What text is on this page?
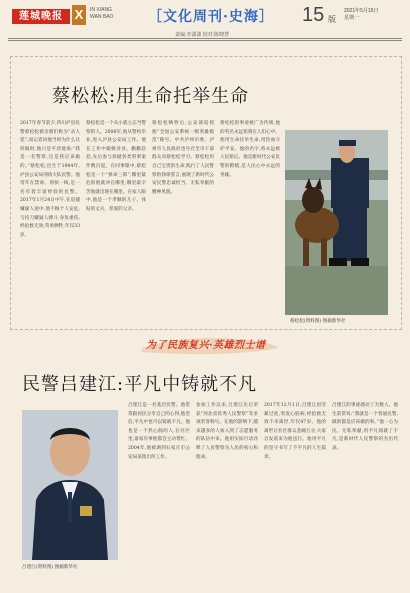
莲城晚报 X	IN XIANG
WAN BAO ［文化周刊·史海］ 15 版
2021年5月15日
星期一
责编:李潇潇 校对:陈晓慧
蔡松松:用生命托举生命
2017年春节前夕,四川泸县民警蔡松松被亲朋们称为“杀人犯”,而记者问他当时为什么这样做时,他只是平淡地说:“我是一名警察,这是我应该做的。”蔡松松,出生于1984年,泸县公安局刑侦大队民警。他常年在禁毒、刑侦一线,是一名有着丰富经验的民警。2017年1月24日中午,在追捕嫌疑人途中,他不顾个人安危,与持刀嫌疑人搏斗,身负重伤,经抢救无效,英勇牺牲,年仅33岁。
蔡松松是一个从小就立志当警察的人。2006年,他从警校毕业,进入泸县公安局工作。他在工作中兢兢业业、勤勤恳恳,先后参与侦破各类刑事案件数百起。在同事眼中,蔡松松是一个“拼命三郎”,哪里最危险他就冲在哪里,哪里最辛苦他就出现在哪里。在家人眼中,他是一个孝顺的儿子、体贴的丈夫、慈爱的父亲。
蔡松松牺牲后,公安部追授他“全国公安系统一级英雄模范”称号。中共泸州市委、泸州市人民政府也号召全市干部群众向蔡松松学习。蔡松松用自己宝贵的生命,践行了人民警察的铮铮誓言,展现了新时代公安民警忠诚担当、无私奉献的精神风貌。
蔡松松的事迹被广为传颂,他的英名永远铭刻在人们心中。他用生命托举生命,用热血守护平安。他的名字,将永远被人民铭记。他是新时代公安民警的楷模,是人民心中永远的英雄。
蔡松松(资料图) 图据新华社
为了民族复兴·英雄烈士谱
民警吕建江:平凡中铸就不凡
吕建江(资料图) 图据新华社
吕建江是一名基层民警。他常常跟居民分享自己的心得,他坚信,平凡中也可以铸就不凡。他也是一个热心肠的人,在社区里,谁家有事他都会主动帮忙。2004年,他被调到石家庄市公安局某派出所工作。
参加工作以来,吕建江先后荣获“河北省优秀人民警察”等多项荣誉称号。在他的影响下,越来越多的人加入到了志愿服务的队伍中来。他用实际行动诠释了人民警察为人民的初心和使命。
2017年12月1日,吕建江因劳累过度,突发心脏病,经抢救无效不幸离世,年仅47岁。他的离世让社区群众悲痛万分,大家自发前来为他送行。他用平凡的坚守书写了不平凡的人生篇章。
吕建江的事迹感动了无数人。他生前常说:“我就是一个普通民警,做的都是应该做的事。”他一心为民、无私奉献,用平凡铸就了不凡,是新时代人民警察的杰出代表。
